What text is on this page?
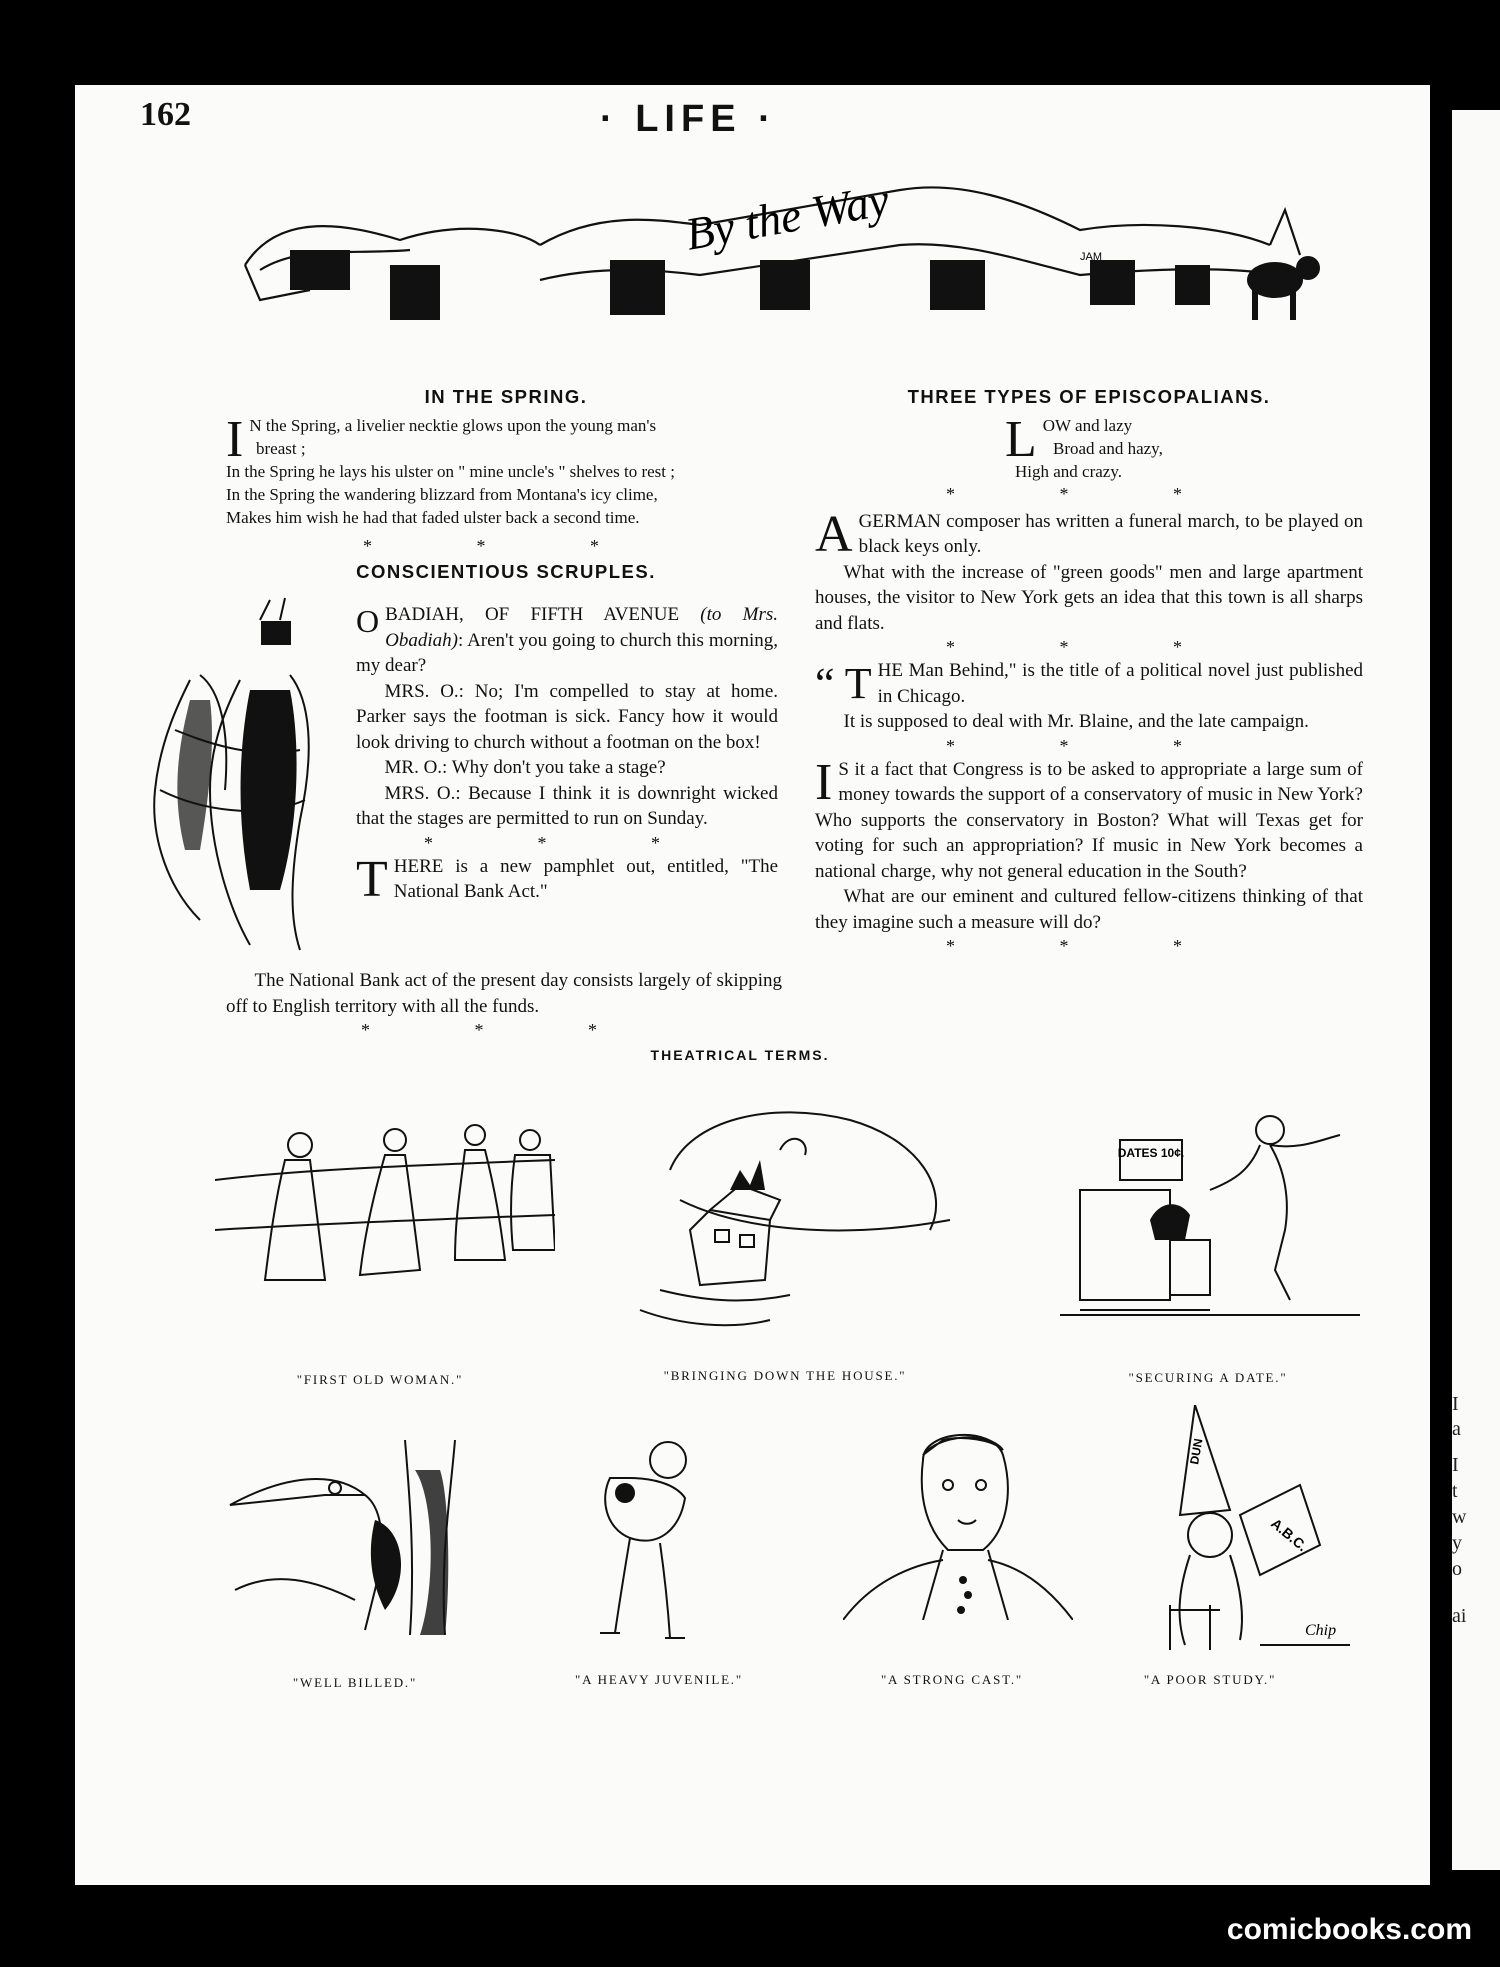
I
a
I
t
w
y
o
ai
162	· LIFE ·
By the Way	JAM
IN THE SPRING.

I N the Spring, a livelier necktie glows upon the young man's

breast ;

In the Spring he lays his ulster on " mine uncle's " shelves to rest ;

In the Spring the wandering blizzard from Montana's icy clime,

Makes him wish he had that faded ulster back a second time.

* * *
CONSCIENTIOUS SCRUPLES.

OBADIAH, OF FIFTH AVENUE (to Mrs. Obadiah): Aren't you going to church this morning, my dear?

MRS. O.: No; I'm compelled to stay at home. Parker says the footman is sick. Fancy how it would look driving to church without a footman on the box!

MR. O.: Why don't you take a stage?

MRS. O.: Because I think it is downright wicked that the stages are permitted to run on Sunday.

* * *

THERE is a new pamphlet out, entitled, "The National Bank Act."

The National Bank act of the present day consists largely of skipping off to English territory with all the funds.

* * *
THREE TYPES OF EPISCOPALIANS.

LOW and lazy

Broad and hazy,

High and crazy.

* * *

AGERMAN composer has written a funeral march, to be played on black keys only.

What with the increase of "green goods" men and large apartment houses, the visitor to New York gets an idea that this town is all sharps and flats.

* * *

“ T HE Man Behind," is the title of a political novel just published in Chicago.

It is supposed to deal with Mr. Blaine, and the late campaign.

* * *

I S it a fact that Congress is to be asked to appropriate a large sum of money towards the support of a conservatory of music in New York? Who supports the conservatory in Boston? What will Texas get for voting for such an appropriation? If music in New York becomes a national charge, why not general education in the South?

What are our eminent and cultured fellow-citizens thinking of that they imagine such a measure will do?

* * *
THEATRICAL TERMS.
DATES 10¢.
"FIRST OLD WOMAN."	"BRINGING DOWN THE HOUSE."	"SECURING A DATE."
DUN
A.B.C.
Chip
"WELL BILLED."	"A HEAVY JUVENILE."	"A STRONG CAST."	"A POOR STUDY."
comicbooks.com
